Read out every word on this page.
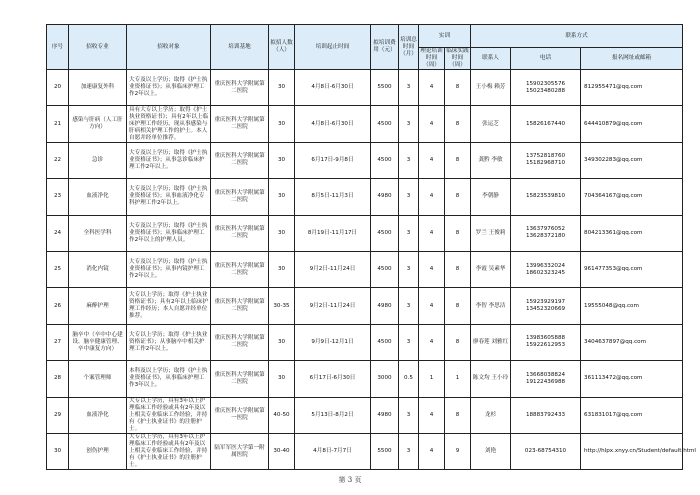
序号	招收专业	招收对象	培训基地	拟招人数（人）	培训起止时间	拟培训费用（元）	培训总时间（月）	实训		联系方式		
								理论培训时间（周）	临床实践时间（周）	联系人	电话	报名网址或邮箱
20	加速康复外科	大专及以上学历；取得《护士执业资格证书》；从事临床护理工作2年以上。	重庆医科大学附属第二医院	30	4月8日-6月30日	5500	3	4	8	王小梅 赖芳	15902305576 15023480288	812955471@qq.com
21	感染与肝病（人工肝方向）	具有大专以上学历；取得《护士执业资格证书》；具有2年以上临床护理工作经历，现从事感染与肝病相关护理工作的护士。本人自愿并经单位推荐。	重庆医科大学附属第二医院	30	4月8日-6月30日	4500	3	4	8	张运芝	15826167440	644410879@qq.com
22	急诊	大专及以上学历；取得《护士执业资格证书》；从事急诊临床护理工作2年以上。	重庆医科大学附属第二医院	30	6月17日-9月8日	4500	3	4	8	龚黔 李敏	13752818760 15182968710	349302283@qq.com
23	血液净化	大专及以上学历；取得《护士执业资格证书》；从事血液净化专科护理工作2年以上。	重庆医科大学附属第二医院	30	8月5日-11月3日	4980	3	4	8	李朝静	15823539810	704364167@qq.com
24	全科医学科	大专及以上学历；取得《护士执业资格证书》；从事临床护理工作2年以上的护理人员。	重庆医科大学附属第二医院	30	8月19日-11月17日	4500	3	4	8	罗兰 王俊莉	13637976052 13628372180	804213361@qq.com
25	消化内镜	大专及以上学历；取得《护士执业资格证书》；从事内镜护理工作2年以上。	重庆医科大学附属第二医院	30	9月2日-11月24日	4500	3	4	8	李霞 吴素华	13996332024 18602323245	961477353@qq.com
26	麻醉护理	大专以上学历；取得《护士执业资格证书》；具有2年以上临床护理工作经历；本人自愿并经单位推荐。	重庆医科大学附属第二医院	30-35	9月2日-11月24日	4980	3	4	8	李智 李思洁	15923929197 13452320669	19555048@qq.com
27	脑卒中（卒中中心建设、脑卒健康管理、卒中康复方向）	大专以上学历；取得《护士执业资格证书》；从事脑卒中相关护理工作2年以上。	重庆医科大学附属第二医院	30	9月9日-12月1日	4500	3	4	8	廖春莲 刘雅红	13983605888 15922612953	3404637897@qq.com
28	个案管理师	本科及以上学历；取得《护士执业资格证书》，从事临床护理工作3年以上。	重庆医科大学附属第二医院	30	6月17日-6月30日	3000	0.5	1	1	陈文均 王小玲	13668038824 19122436988	361113472@qq.com
29	血液净化	大专以上学历，具有3年以上护理临床工作经验或具有2年及以上相关专业临床工作经验，并持有《护士执业证书》的注册护士。	重庆医科大学附属第一医院	40-50	5月13日-8月2日	4980	3	4	8	龙杉	18883792433	631831017@qq.com
30	创伤护理	大专以上学历，具有3年以上护理临床工作经验或具有2年及以上相关专业临床工作经验，并持有《护士执业证书》的注册护士。	陆军军医大学第一附属医院	30-40	4月8日-7月7日	5500	3	4	9	刘艳	023-68754310	http://hlpx.xnyy.cn/Student/default.html
第 3 页
